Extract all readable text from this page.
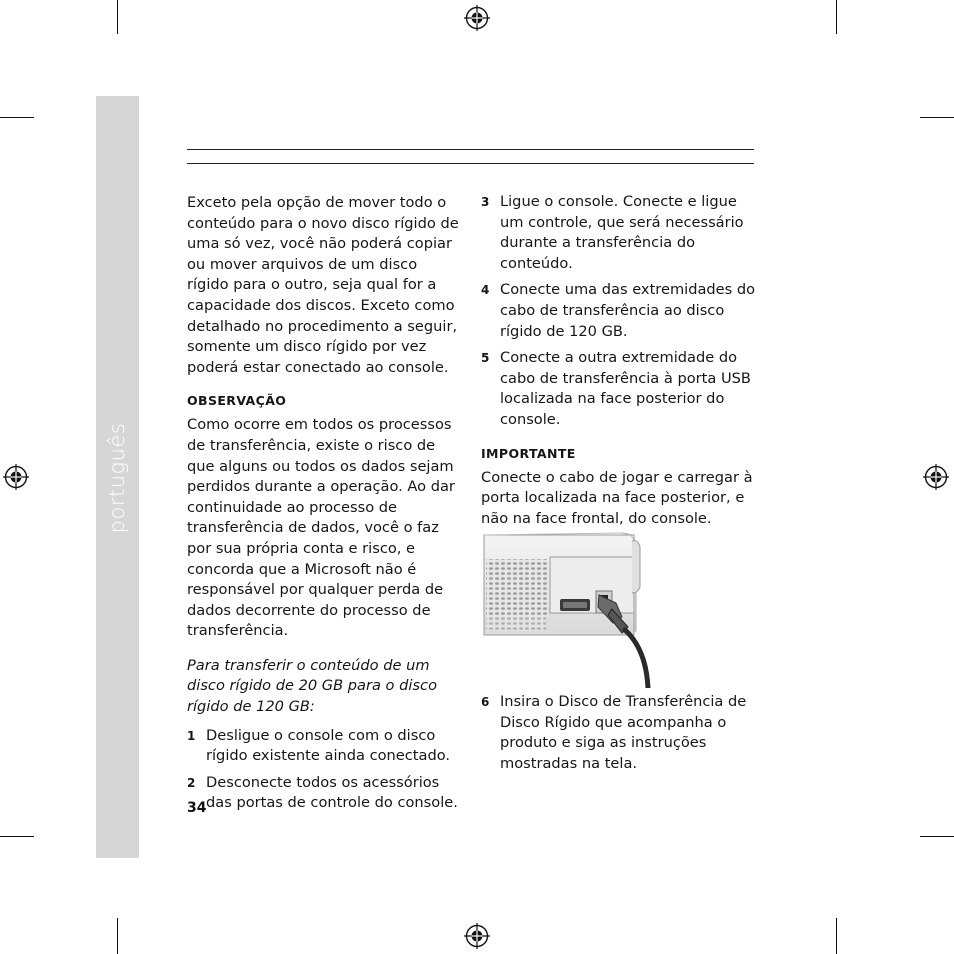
português

Exceto pela opção de mover todo o conteúdo para o novo disco rígido de uma só vez, você não poderá copiar ou mover arquivos de um disco rígido para o outro, seja qual for a capacidade dos discos. Exceto como detalhado no procedimento a seguir, somente um disco rígido por vez poderá estar conectado ao console.

OBSERVAÇÃO

Como ocorre em todos os processos de transferência, existe o risco de que alguns ou todos os dados sejam perdidos durante a operação. Ao dar continuidade ao processo de transferência de dados, você o faz por sua própria conta e risco, e concorda que a Microsoft não é responsável por qualquer perda de dados decorrente do processo de transferência.

Para transferir o conteúdo de um disco rígido de 20 GB para o disco rígido de 120 GB:

1 Desligue o console com o disco rígido existente ainda conectado.
2 Desconecte todos os acessórios das portas de controle do console.
3 Ligue o console. Conecte e ligue um controle, que será necessário durante a transferência do conteúdo.
4 Conecte uma das extremidades do cabo de transferência ao disco rígido de 120 GB.
5 Conecte a outra extremidade do cabo de transferência à porta USB localizada na face posterior do console.

IMPORTANTE

Conecte o cabo de jogar e carregar à porta localizada na face posterior, e não na face frontal, do console.

6 Insira o Disco de Transferência de Disco Rígido que acompanha o produto e siga as instruções mostradas na tela.
34
